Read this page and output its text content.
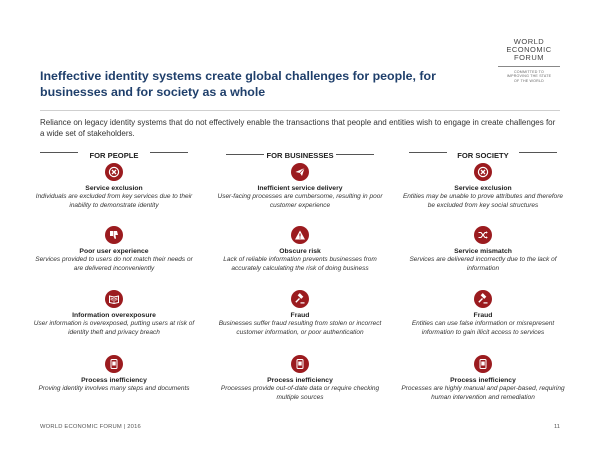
WORLD
ECONOMIC
FORUM
COMMITTED TO
IMPROVING THE STATE
OF THE WORLD
Ineffective identity systems create global challenges for people, for businesses and for society as a whole
Reliance on legacy identity systems that do not effectively enable the transactions that people and entities wish to engage in create challenges for a wide set of stakeholders.
FOR PEOPLE
Service exclusion
Individuals are excluded from key services due to their inability to demonstrate identity
Poor user experience
Services provided to users do not match their needs or are delivered inconveniently
Information overexposure
User information is overexposed, putting users at risk of identity theft and privacy breach
Process inefficiency
Proving identity involves many steps and documents
FOR BUSINESSES
Inefficient service delivery
User-facing processes are cumbersome, resulting in poor customer experience
Obscure risk
Lack of reliable information prevents businesses from accurately calculating the risk of doing business
Fraud
Businesses suffer fraud resulting from stolen or incorrect customer information, or poor authentication
Process inefficiency
Processes provide out-of-date data or require checking multiple sources
FOR SOCIETY
Service exclusion
Entities may be unable to prove attributes and therefore be excluded from key social structures
Service mismatch
Services are delivered incorrectly due to the lack of information
Fraud
Entities can use false information or misrepresent information to gain illicit access to services
Process inefficiency
Processes are highly manual and paper-based, requiring human intervention and remediation
WORLD ECONOMIC FORUM | 2016	11
